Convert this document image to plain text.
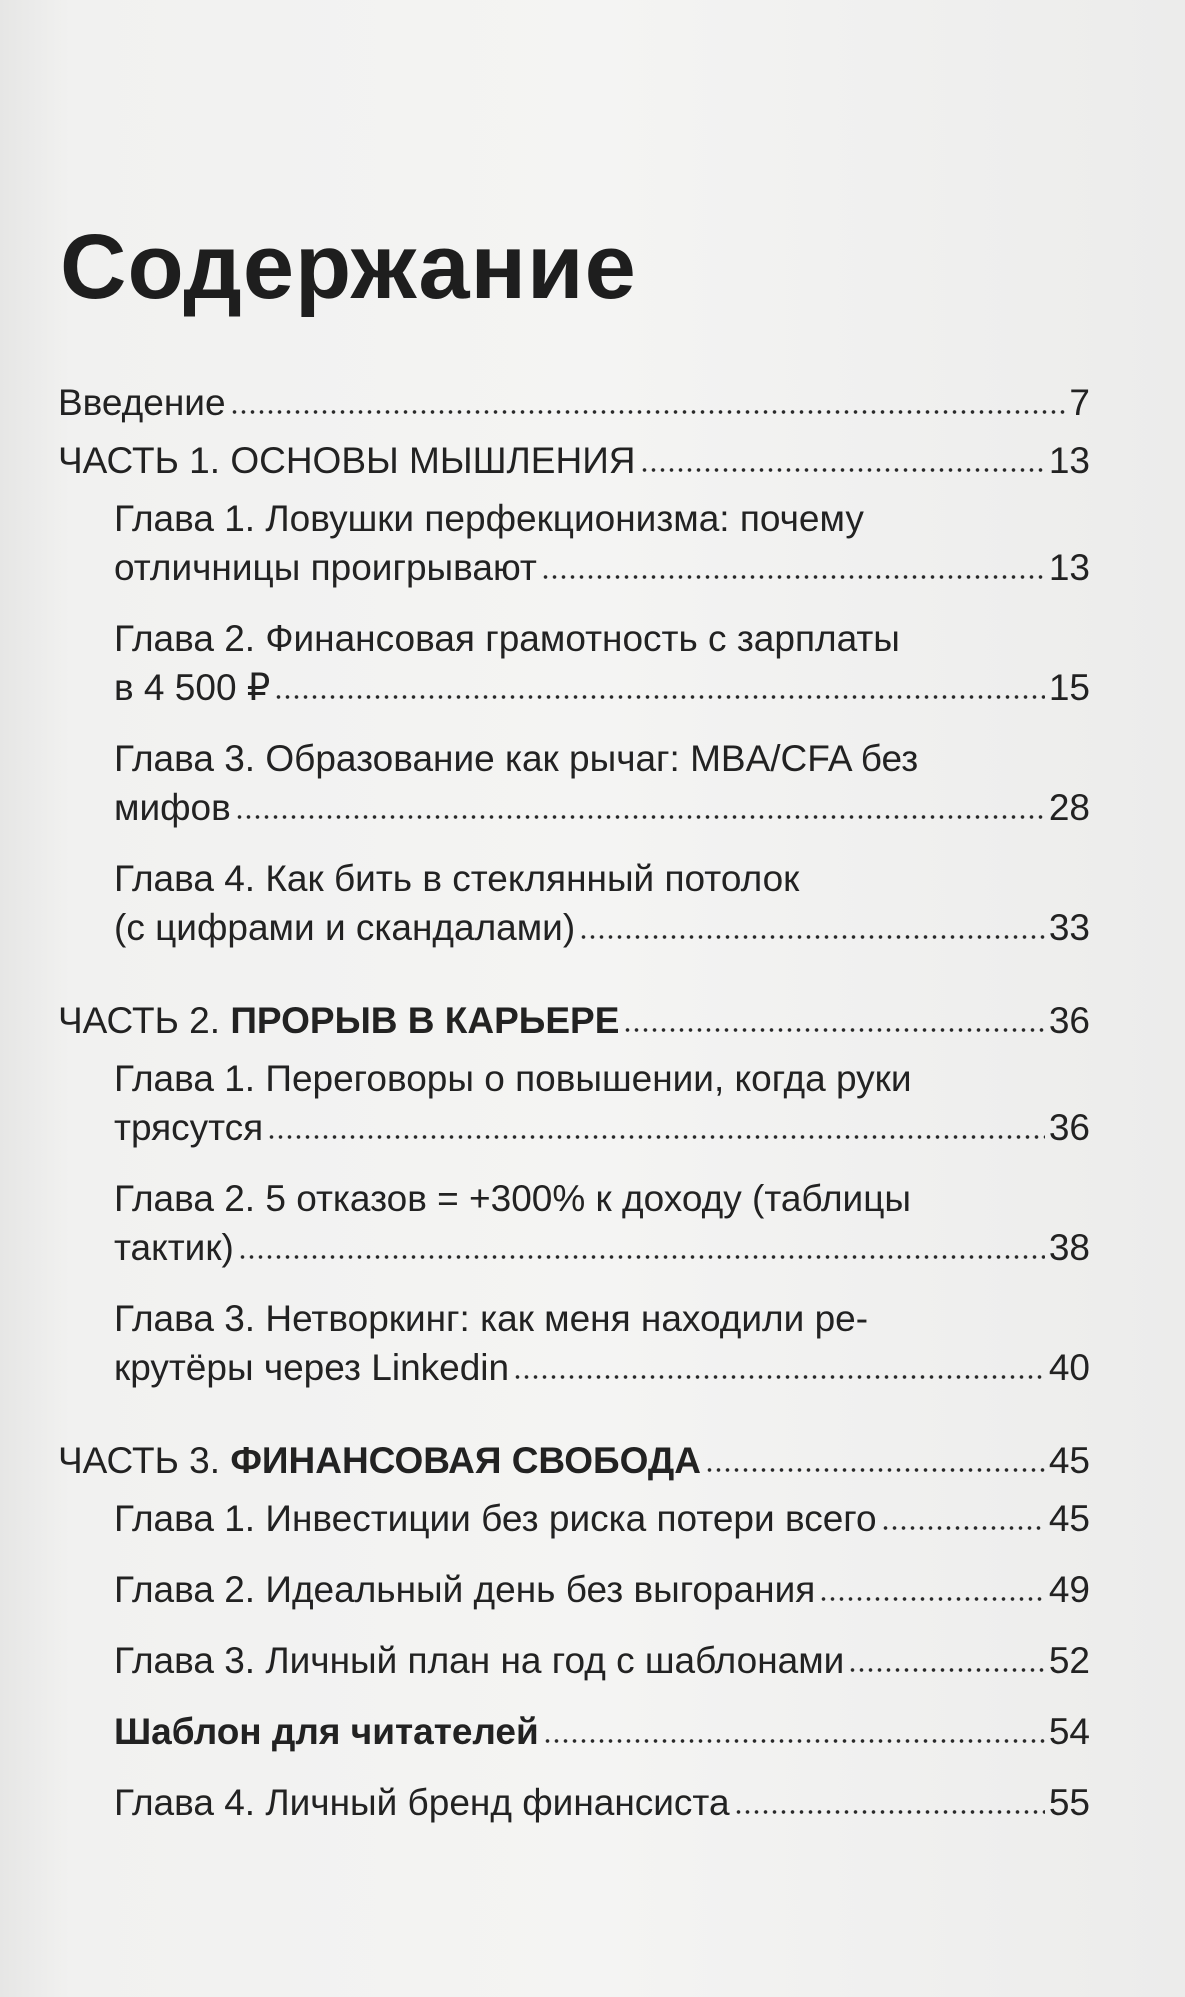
Содержание
Введение	7
ЧАСТЬ 1. ОСНОВЫ МЫШЛЕНИЯ	13
Глава 1. Ловушки перфекционизма: почему
отличницы проигрывают	13
Глава 2. Финансовая грамотность с зарплаты
в 4 500 ₽	15
Глава 3. Образование как рычаг: MBA/CFA без
мифов	28
Глава 4. Как бить в стеклянный потолок
(с цифрами и скандалами)	33
ЧАСТЬ 2. ПРОРЫВ В КАРЬЕРЕ	36
Глава 1. Переговоры о повышении, когда руки
трясутся	36
Глава 2. 5 отказов = +300% к доходу (таблицы
тактик)	38
Глава 3. Нетворкинг: как меня находили ре-
крутёры через Linkedin	40
ЧАСТЬ 3. ФИНАНСОВАЯ СВОБОДА	45
Глава 1. Инвестиции без риска потери всего	45
Глава 2. Идеальный день без выгорания	49
Глава 3. Личный план на год с шаблонами	52
Шаблон для читателей	54
Глава 4. Личный бренд финансиста	55
